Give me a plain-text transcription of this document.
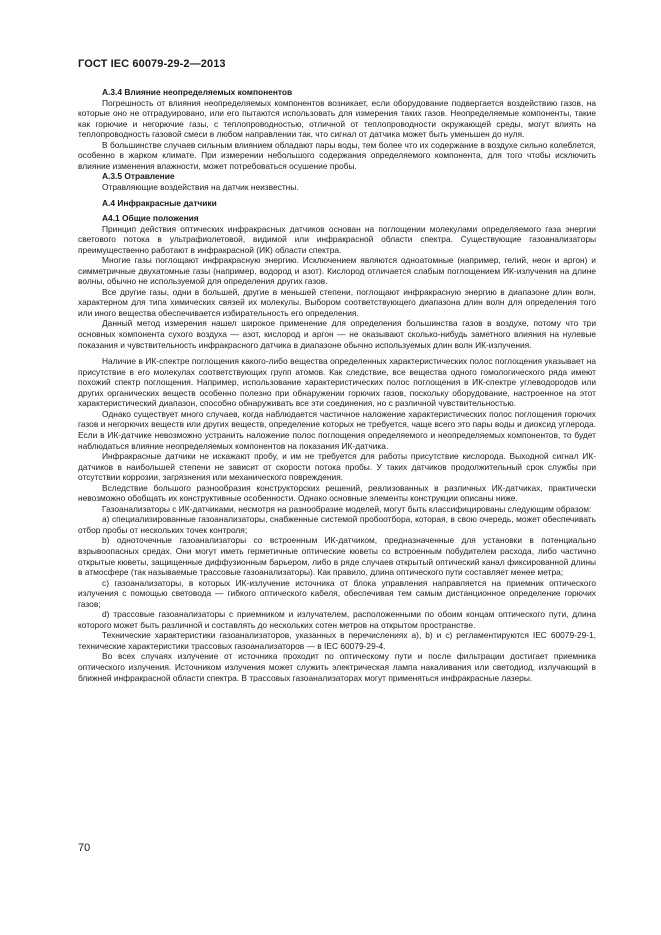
ГОСТ IEC 60079-29-2—2013

А.3.4 Влияние неопределяемых компонентов

Погрешность от влияния неопределяемых компонентов возникает, если оборудование подвергается воздействию газов, на которые оно не отградуировано, или его пытаются использовать для измерения таких газов. Неопределяемые компоненты, такие как горючие и негорючие газы, с теплопроводностью, отличной от теплопроводности окружающей среды, могут влиять на теплопроводность газовой смеси в любом направлении так, что сигнал от датчика может быть уменьшен до нуля.

В большинстве случаев сильным влиянием обладают пары воды, тем более что их содержание в воздухе сильно колеблется, особенно в жарком климате. При измерении небольшого содержания определяемого компонента, для того чтобы исключить влияние изменения влажности, может потребоваться осушение пробы.

А.3.5 Отравление

Отравляющие воздействия на датчик неизвестны.

А.4 Инфракрасные датчики

А4.1 Общие положения

Принцип действия оптических инфракрасных датчиков основан на поглощении молекулами определяемого газа энергии светового потока в ультрафиолетовой, видимой или инфракрасной области спектра. Существующие газоанализаторы преимущественно работают в инфракрасной (ИК) области спектра.

Многие газы поглощают инфракрасную энергию. Исключением являются одноатомные (например, гелий, неон и аргон) и симметричные двухатомные газы (например, водород и азот). Кислород отличается слабым поглощением ИК-излучения на длине волны, обычно не используемой для определения других газов.

Все другие газы, одни в большей, другие в меньшей степени, поглощают инфракрасную энергию в диапазоне длин волн, характерном для типа химических связей их молекулы. Выбором соответствующего диапазона длин волн для определения того или иного вещества обеспечивается избирательность его определения.

Данный метод измерения нашел широкое применение для определения большинства газов в воздухе, потому что три основных компонента сухого воздуха — азот, кислород и аргон — не оказывают сколько-нибудь заметного влияния на нулевые показания и чувствительность инфракрасного датчика в диапазоне обычно используемых длин волн ИК-излучения.

Наличие в ИК-спектре поглощения какого-либо вещества определенных характеристических полос поглощения указывает на присутствие в его молекулах соответствующих групп атомов. Как следствие, все вещества одного гомологического ряда имеют похожий спектр поглощения. Например, использование характеристических полос поглощения в ИК-спектре углеводородов или других органических веществ особенно полезно при обнаружении горючих газов, поскольку оборудование, настроенное на этот характеристический диапазон, способно обнаруживать все эти соединения, но с различной чувствительностью.

Однако существует много случаев, когда наблюдается частичное наложение характеристических полос поглощения горючих газов и негорючих веществ или других веществ, определение которых не требуется, чаще всего это пары воды и диоксид углерода. Если в ИК-датчике невозможно устранить наложение полос поглощения определяемого и неопределяемых компонентов, то будет наблюдаться влияние неопределяемых компонентов на показания ИК-датчика.

Инфракрасные датчики не искажают пробу, и им не требуется для работы присутствие кислорода. Выходной сигнал ИК-датчиков в наибольшей степени не зависит от скорости потока пробы. У таких датчиков продолжительный срок службы при отсутствии коррозии, загрязнения или механического повреждения.

Вследствие большого разнообразия конструкторских решений, реализованных в различных ИК-датчиках, практически невозможно обобщать их конструктивные особенности. Однако основные элементы конструкции описаны ниже.

Газоанализаторы с ИК-датчиками, несмотря на разнообразие моделей, могут быть классифицированы следующим образом:

а) специализированные газоанализаторы, снабженные системой пробоотбора, которая, в свою очередь, может обеспечивать отбор пробы от нескольких точек контроля;

b) одноточечные газоанализаторы со встроенным ИК-датчиком, предназначенные для установки в потенциально взрывоопасных средах. Они могут иметь герметичные оптические кюветы со встроенным побудителем расхода, либо частично открытые кюветы, защищенные диффузионным барьером, либо в ряде случаев открытый оптический канал фиксированной длины в атмосфере (так называемые трассовые газоанализаторы). Как правило, длина оптического пути составляет менее метра;

c) газоанализаторы, в которых ИК-излучение источника от блока управления направляется на приемник оптического излучения с помощью световода — гибкого оптического кабеля, обеспечивая тем самым дистанционное определение горючих газов;

d) трассовые газоанализаторы с приемником и излучателем, расположенными по обоим концам оптического пути, длина которого может быть различной и составлять до нескольких сотен метров на открытом пространстве.

Технические характеристики газоанализаторов, указанных в перечислениях а), b) и c) регламентируются IEC 60079-29-1, технические характеристики трассовых газоанализаторов — в IEC 60079-29-4.

Во всех случаях излучение от источника проходит по оптическому пути и после фильтрации достигает приемника оптического излучения. Источником излучения может служить электрическая лампа накаливания или светодиод, излучающий в ближней инфракрасной области спектра. В трассовых газоанализаторах могут применяться инфракрасные лазеры.

70
